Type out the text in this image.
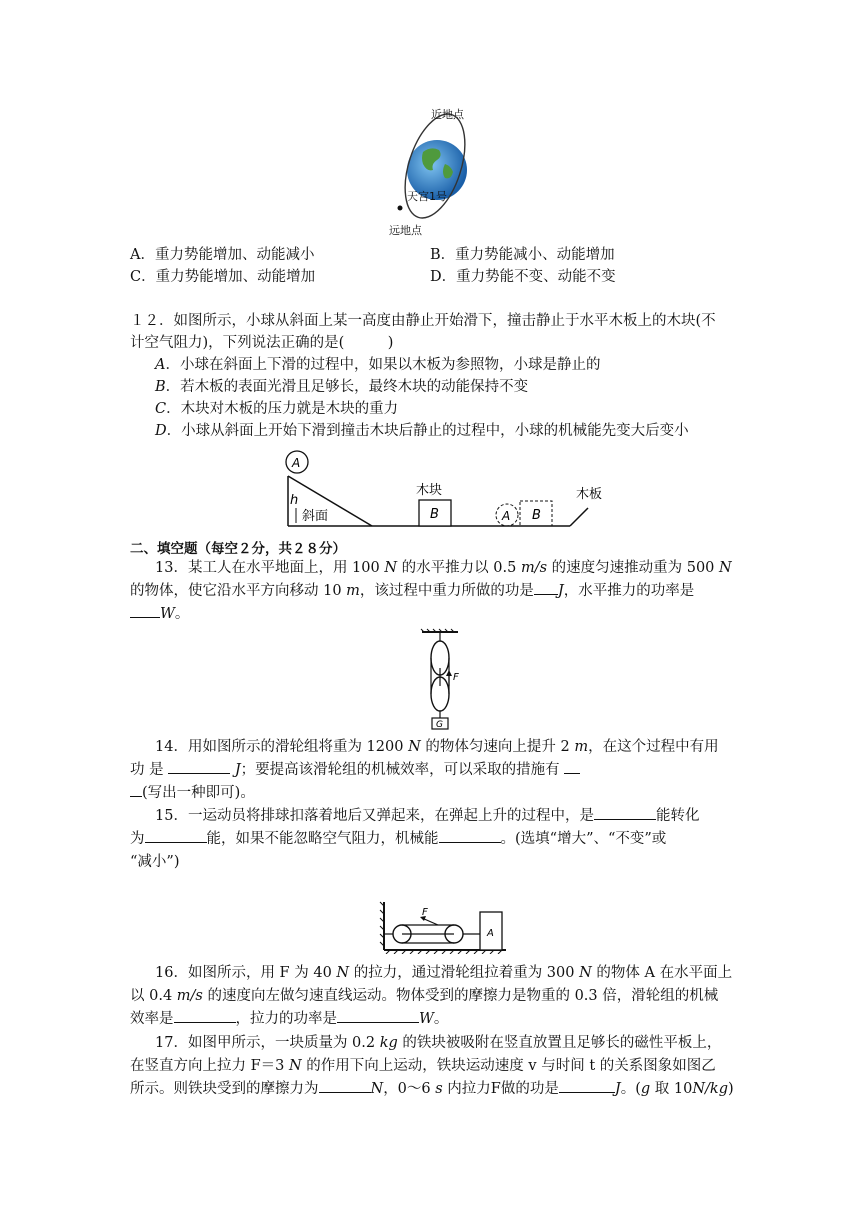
近地点
天宫1号
远地点
A．重力势能增加、动能减小	B．重力势能减小、动能增加
C．重力势能增加、动能增加	D．重力势能不变、动能不变
１２．如图所示，小球从斜面上某一高度由静止开始滑下，撞击静止于水平木板上的木块(不
计空气阻力)，下列说法正确的是(　　　)
A．小球在斜面上下滑的过程中，如果以木板为参照物，小球是静止的
B．若木板的表面光滑且足够长，最终木块的动能保持不变
C．木块对木板的压力就是木块的重力
D．小球从斜面上开始下滑到撞击木块后静止的过程中，小球的机械能先变大后变小
A
h
斜面
木块
B	A B
木板
二、填空题（每空２分，共２８分）
13．某工人在水平地面上，用 100 N 的水平推力以 0.5 m/s 的速度匀速推动重为 500 N
的物体，使它沿水平方向移动 10 m，该过程中重力所做的功是 J，水平推力的功率是
W。
F
G
14．用如图所示的滑轮组将重为 1200 N 的物体匀速向上提升 2 m，在这个过程中有用
功 是	J；要提高该滑轮组的机械效率，可以采取的措施有
(写出一种即可)。
15．一运动员将排球扣落着地后又弹起来，在弹起上升的过程中，是	能转化
为	能，如果不能忽略空气阻力，机械能	。(选填“增大”、“不变”或
“减小”)
F
A
16．如图所示，用 F 为 40 N 的拉力，通过滑轮组拉着重为 300 N 的物体 A 在水平面上
以 0.4 m/s 的速度向左做匀速直线运动。物体受到的摩擦力是物重的 0.3 倍，滑轮组的机械
效率是	，拉力的功率是	W。
17．如图甲所示，一块质量为 0.2 kg 的铁块被吸附在竖直放置且足够长的磁性平板上，
在竖直方向上拉力 F＝3 N 的作用下向上运动，铁块运动速度 v 与时间 t 的关系图象如图乙
所示。则铁块受到的摩擦力为	N，0～6 s 内拉力F做的功是	J。(g 取 10N/kg)
